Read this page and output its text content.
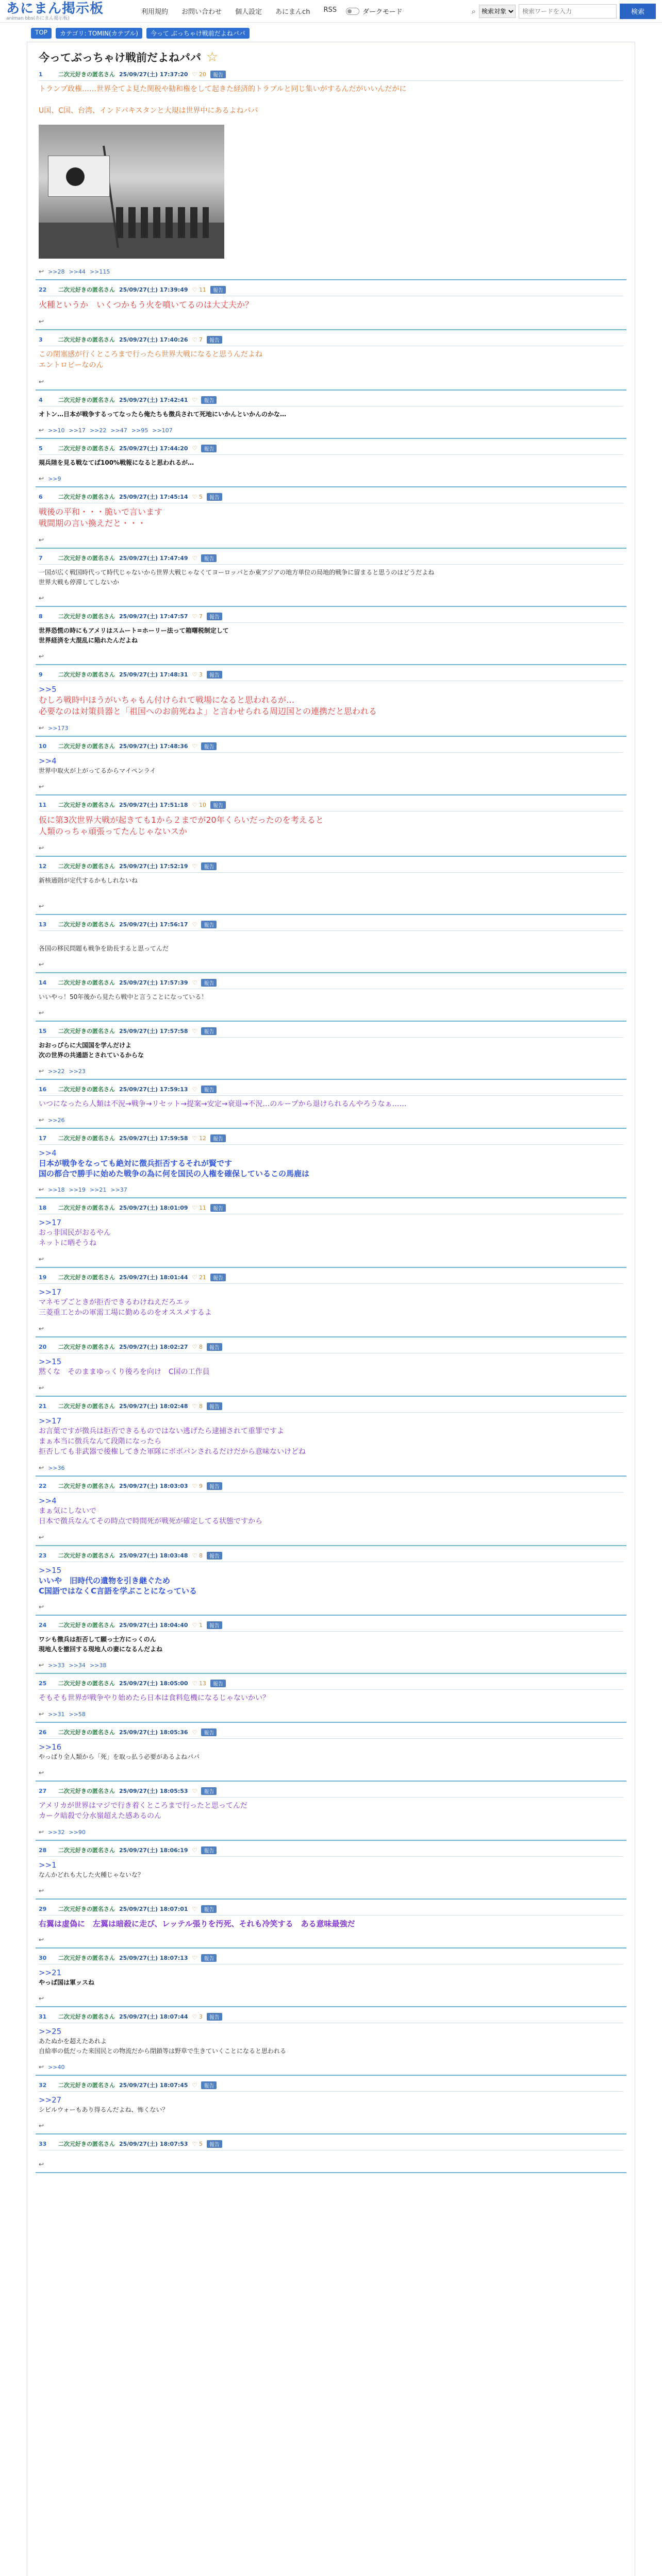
あにまん掲示板
animan bbs(あにまん掲示板)
利用規約 お問い合わせ 個人設定 あにまんch RSS	ダークモード	⌕
検索対象
検索ワードを入力	検索
TOP	カテゴリ: TOMIN(カテブル)	今って ぶっちゃけ戦前だよねパパ
今ってぶっちゃけ戦前だよねパパ ☆
1	二次元好きの匿名さん 25/09/27(土) 17:37:20 ♡ 20	報告
トランプ政権……世界全てよ見た関税や勧和権をして起きた経済的トラブルと同じ集いがするんだがいいんだがに

U国、C国、台湾、インドパキスタンと大規は世界中にあるよねパパ
↩ >>28 >>44 >>115
22	二次元好きの匿名さん 25/09/27(土) 17:39:49 ♡ 11	報告
火種というか　いくつかもう火を噴いてるのは大丈夫か？
↩
3	二次元好きの匿名さん 25/09/27(土) 17:40:26 ♡ 7	報告
この閉塞感が行くところまで行ったら世界大戦になると思うんだよね
エントロピーなのん
↩
4	二次元好きの匿名さん 25/09/27(土) 17:42:41 ♡	報告
オトン…日本が戦争するってなったら俺たちも徴兵されて死地にいかんといかんのかな…
↩ >>10 >>17 >>22 >>47 >>95 >>107
5	二次元好きの匿名さん 25/09/27(土) 17:44:20 ♡	報告
規兵陸を見る戦なてば100%戦報になると思われるが…
↩ >>9
6	二次元好きの匿名さん 25/09/27(土) 17:45:14 ♡ 5	報告
戦後の平和・・・脆いで言います
戦間期の言い換えだと・・・
↩
7	二次元好きの匿名さん 25/09/27(土) 17:47:49 ♡	報告
一国が広く戦国時代って時代じゃないから世界大戦じゃなくてヨーロッパとか東アジアの地方単位の局地的戦争に留まると思うのはどうだよね
世界大戦も停滞してしないか
↩
8	二次元好きの匿名さん 25/09/27(土) 17:47:57 ♡ 7	報告
世界恐慌の時にもアメリはスムート=ホーリー法って箱曙税制定して
世界経済を大混乱に陥れたんだよね
↩
9	二次元好きの匿名さん 25/09/27(土) 17:48:31 ♡ 3	報告
>>5
むしろ戦時中ほうがいちゃもん付けられて戦場になると思われるが…
必要なのは対策員器と「祖国へのお前死ねよ」と言わせられる周辺国との連携だと思われる
↩ >>173
10	二次元好きの匿名さん 25/09/27(土) 17:48:36 ♡	報告
>>4
世界中取火が上がってるからマイペンライ
↩
11	二次元好きの匿名さん 25/09/27(土) 17:51:18 ♡ 10	報告
仮に第3次世界大戦が起きても1から２までが20年くらいだったのを考えると
人類のっちゃ頑張ってたんじゃないスか
↩
12	二次元好きの匿名さん 25/09/27(土) 17:52:19 ♡	報告
新核通則が定代するかもしれないね

↩
13	二次元好きの匿名さん 25/09/27(土) 17:56:17 ♡	報告

各国の移民問題も戦争を助長すると思ってんだ
↩
14	二次元好きの匿名さん 25/09/27(土) 17:57:39 ♡	報告
いいやっ！50年後から見たら戦中と言うことになっている！
↩
15	二次元好きの匿名さん 25/09/27(土) 17:57:58 ♡	報告
おおっぴらに大国国を学んだけよ
次の世界の共通語とされているからな
↩ >>22 >>23
16	二次元好きの匿名さん 25/09/27(土) 17:59:13 ♡	報告
いつになったら人類は不況→戦争→リセット→提案→安定→衰退→不況…のループから退けられるんやろうなぁ……
↩ >>26
17	二次元好きの匿名さん 25/09/27(土) 17:59:58 ♡ 12	報告
>>4
日本が戦争をなっても絶対に徴兵拒否するそれが賢です
国の都合で勝手に始めた戦争の為に何を国民の人権を確保しているこの馬鹿は
↩ >>18 >>19 >>21 >>37
18	二次元好きの匿名さん 25/09/27(土) 18:01:09 ♡ 11	報告
>>17
おっ非国民がおるやん
ネットに晒そうね
↩
19	二次元好きの匿名さん 25/09/27(土) 18:01:44 ♡ 21	報告
>>17
マネモプごときが拒否できるわけねえだろエッ
三菱重工とかの軍需工場に勤めるのをオススメするよ
↩
20	二次元好きの匿名さん 25/09/27(土) 18:02:27 ♡ 8	報告
>>15
黙くな　そのままゆっくり後ろを向け　C国の工作員
↩
21	二次元好きの匿名さん 25/09/27(土) 18:02:48 ♡ 8	報告
>>17
お言葉ですが徴兵は拒否できるものではない逃げたら逮捕されて重罪ですよ
まぁ本当に徴兵なんて段階になったら
拒否しても非武器で後権してきた軍隊にボボパンされるだけだから意味ないけどね
↩ >>36
22	二次元好きの匿名さん 25/09/27(土) 18:03:03 ♡ 9	報告
>>4
まぁ気にしないで
日本で徴兵なんてその時点で時間死が戦死が確定してる状態ですから
↩
23	二次元好きの匿名さん 25/09/27(土) 18:03:48 ♡ 8	報告
>>15
いいや　旧時代の遺物を引き継ぐため
C国語ではなくC言語を学ぶことになっている
↩
24	二次元好きの匿名さん 25/09/27(土) 18:04:40 ♡ 1	報告
ワシも徴兵は拒否して願っ士方にっくのん
現地人を撤回する現地人の妻になるんだよね
↩ >>33 >>34 >>38
25	二次元好きの匿名さん 25/09/27(土) 18:05:00 ♡ 13	報告
そもそも世界が戦争やり始めたら日本は食料危機になるじゃないかい？
↩ >>31 >>58
26	二次元好きの匿名さん 25/09/27(土) 18:05:36 ♡	報告
>>16
やっぱり全人類から「死」を取っ払う必要があるよねパパ
↩
27	二次元好きの匿名さん 25/09/27(土) 18:05:53 ♡	報告
アメリカが世界はマジで行き着くところまで行ったと思ってんだ
カーク暗殺で分水嶺超えた感あるのん
↩ >>32 >>90
28	二次元好きの匿名さん 25/09/27(土) 18:06:19 ♡	報告
>>1
なんかどれも大した火種じゃないな？
↩
29	二次元好きの匿名さん 25/09/27(土) 18:07:01 ♡	報告
右翼は虚偽に　左翼は暗殺に走び、レッテル張りを汚死、それも冷笑する　ある意味最強だ
↩
30	二次元好きの匿名さん 25/09/27(土) 18:07:13 ♡	報告
>>21
やっぱ国は軍ッスね
↩
31	二次元好きの匿名さん 25/09/27(土) 18:07:44 ♡ 3	報告
>>25
あたぬかを超えたあれよ
自給率の低だった来国民との物流だから閉鎖等は野草で生きていくことになると思われる
↩ >>40
32	二次元好きの匿名さん 25/09/27(土) 18:07:45 ♡	報告
>>27
シビルウォーもあり得るんだよね、怖くない？
↩
33	二次元好きの匿名さん 25/09/27(土) 18:07:53 ♡ 5	報告
↩
